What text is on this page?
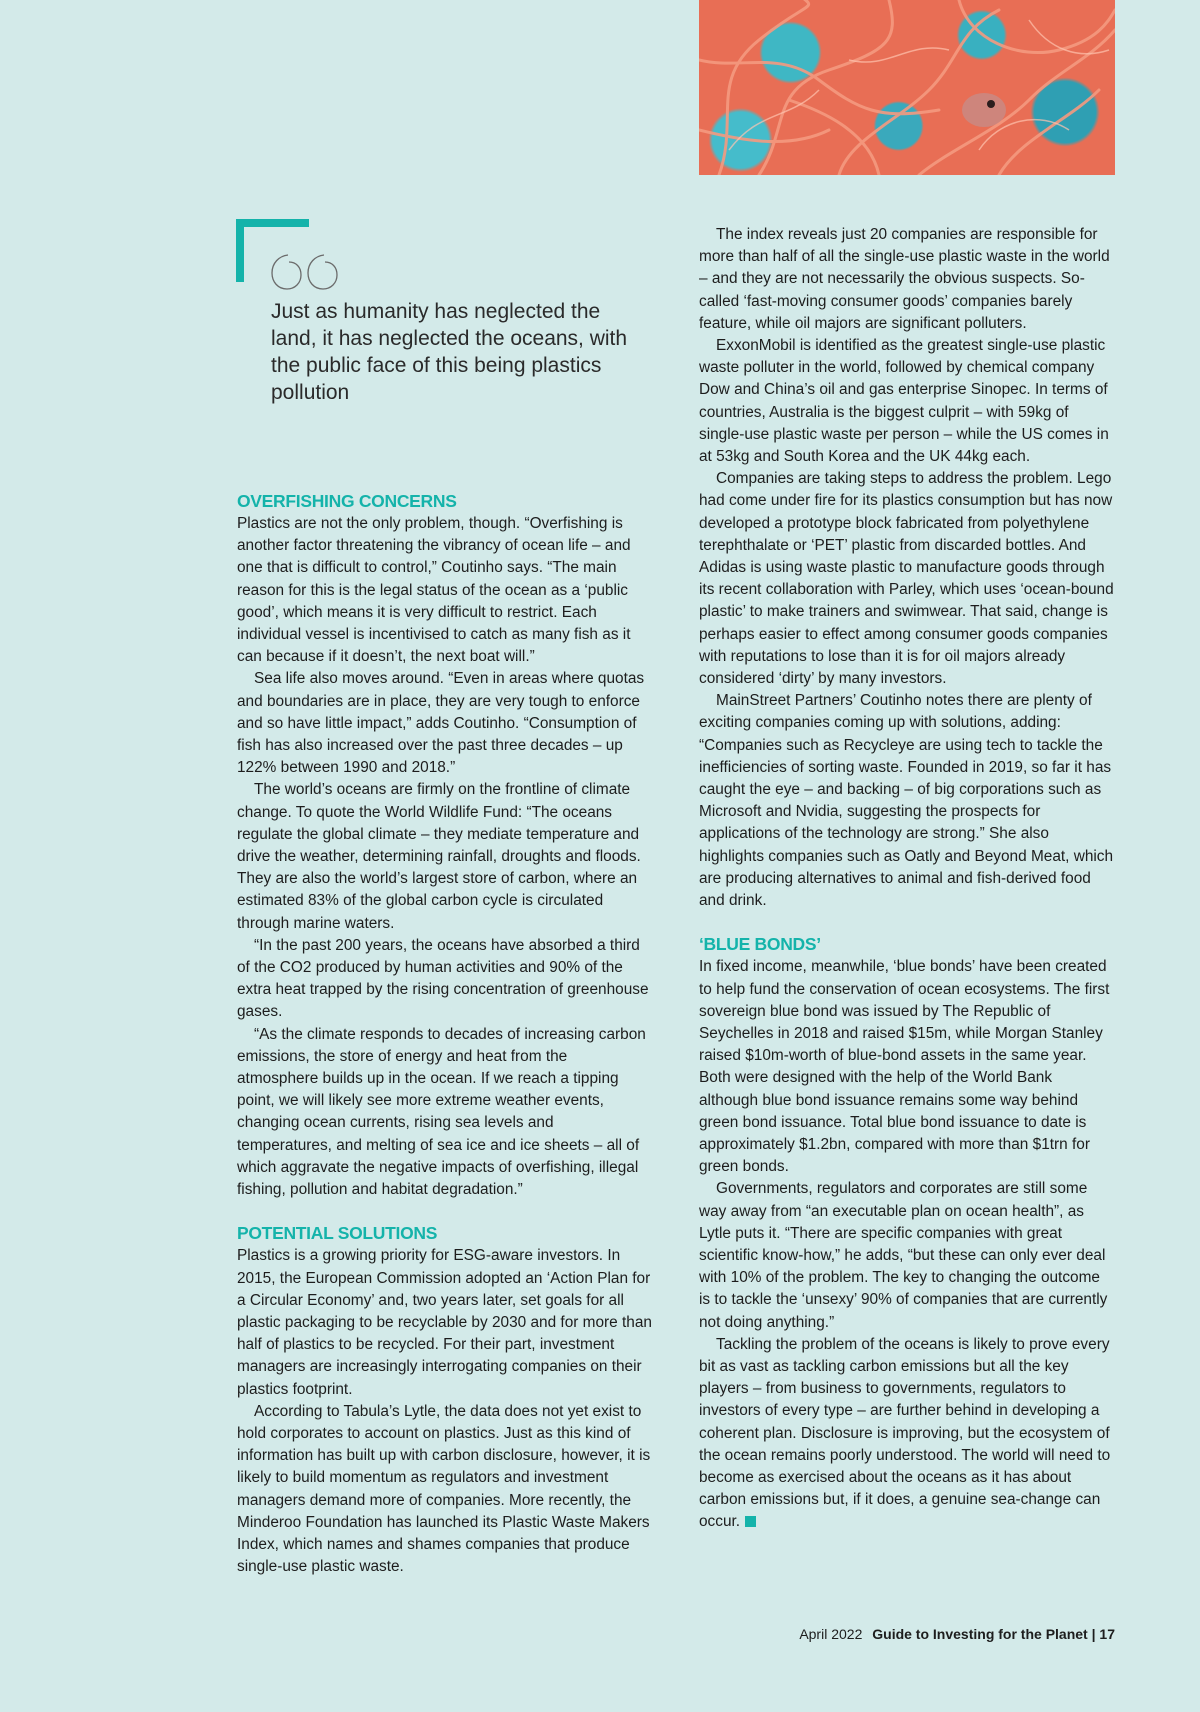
Just as humanity has neglected the land, it has neglected the oceans, with the public face of this being plastics pollution

OVERFISHING CONCERNS

Plastics are not the only problem, though. “Overfishing is another factor threatening the vibrancy of ocean life – and one that is difficult to control,” Coutinho says. “The main reason for this is the legal status of the ocean as a ‘public good’, which means it is very difficult to restrict. Each individual vessel is incentivised to catch as many fish as it can because if it doesn’t, the next boat will.”

Sea life also moves around. “Even in areas where quotas and boundaries are in place, they are very tough to enforce and so have little impact,” adds Coutinho. “Consumption of fish has also increased over the past three decades – up 122% between 1990 and 2018.”

The world’s oceans are firmly on the frontline of climate change. To quote the World Wildlife Fund: “The oceans regulate the global climate – they mediate temperature and drive the weather, determining rainfall, droughts and floods. They are also the world’s largest store of carbon, where an estimated 83% of the global carbon cycle is circulated through marine waters.

“In the past 200 years, the oceans have absorbed a third of the CO2 produced by human activities and 90% of the extra heat trapped by the rising concentration of greenhouse gases.

“As the climate responds to decades of increasing carbon emissions, the store of energy and heat from the atmosphere builds up in the ocean. If we reach a tipping point, we will likely see more extreme weather events, changing ocean currents, rising sea levels and temperatures, and melting of sea ice and ice sheets – all of which aggravate the negative impacts of overfishing, illegal fishing, pollution and habitat degradation.”

POTENTIAL SOLUTIONS

Plastics is a growing priority for ESG-aware investors. In 2015, the European Commission adopted an ‘Action Plan for a Circular Economy’ and, two years later, set goals for all plastic packaging to be recyclable by 2030 and for more than half of plastics to be recycled. For their part, investment managers are increasingly interrogating companies on their plastics footprint.

According to Tabula’s Lytle, the data does not yet exist to hold corporates to account on plastics. Just as this kind of information has built up with carbon disclosure, however, it is likely to build momentum as regulators and investment managers demand more of companies. More recently, the Minderoo Foundation has launched its Plastic Waste Makers Index, which names and shames companies that produce single-use plastic waste.

The index reveals just 20 companies are responsible for more than half of all the single-use plastic waste in the world – and they are not necessarily the obvious suspects. So-called ‘fast-moving consumer goods’ companies barely feature, while oil majors are significant polluters.

ExxonMobil is identified as the greatest single-use plastic waste polluter in the world, followed by chemical company Dow and China’s oil and gas enterprise Sinopec. In terms of countries, Australia is the biggest culprit – with 59kg of single-use plastic waste per person – while the US comes in at 53kg and South Korea and the UK 44kg each.

Companies are taking steps to address the problem. Lego had come under fire for its plastics consumption but has now developed a prototype block fabricated from polyethylene terephthalate or ‘PET’ plastic from discarded bottles. And Adidas is using waste plastic to manufacture goods through its recent collaboration with Parley, which uses ‘ocean-bound plastic’ to make trainers and swimwear. That said, change is perhaps easier to effect among consumer goods companies with reputations to lose than it is for oil majors already considered ‘dirty’ by many investors.

MainStreet Partners’ Coutinho notes there are plenty of exciting companies coming up with solutions, adding: “Companies such as Recycleye are using tech to tackle the inefficiencies of sorting waste. Founded in 2019, so far it has caught the eye – and backing – of big corporations such as Microsoft and Nvidia, suggesting the prospects for applications of the technology are strong.” She also highlights companies such as Oatly and Beyond Meat, which are producing alternatives to animal and fish-derived food and drink.

‘BLUE BONDS’

In fixed income, meanwhile, ‘blue bonds’ have been created to help fund the conservation of ocean ecosystems. The first sovereign blue bond was issued by The Republic of Seychelles in 2018 and raised $15m, while Morgan Stanley raised $10m-worth of blue-bond assets in the same year. Both were designed with the help of the World Bank although blue bond issuance remains some way behind green bond issuance. Total blue bond issuance to date is approximately $1.2bn, compared with more than $1trn for green bonds.

Governments, regulators and corporates are still some way away from “an executable plan on ocean health”, as Lytle puts it. “There are specific companies with great scientific know-how,” he adds, “but these can only ever deal with 10% of the problem. The key to changing the outcome is to tackle the ‘unsexy’ 90% of companies that are currently not doing anything.”

Tackling the problem of the oceans is likely to prove every bit as vast as tackling carbon emissions but all the key players – from business to governments, regulators to investors of every type – are further behind in developing a coherent plan. Disclosure is improving, but the ecosystem of the ocean remains poorly understood. The world will need to become as exercised about the oceans as it has about carbon emissions but, if it does, a genuine sea-change can occur.

April 2022 Guide to Investing for the Planet | 17
